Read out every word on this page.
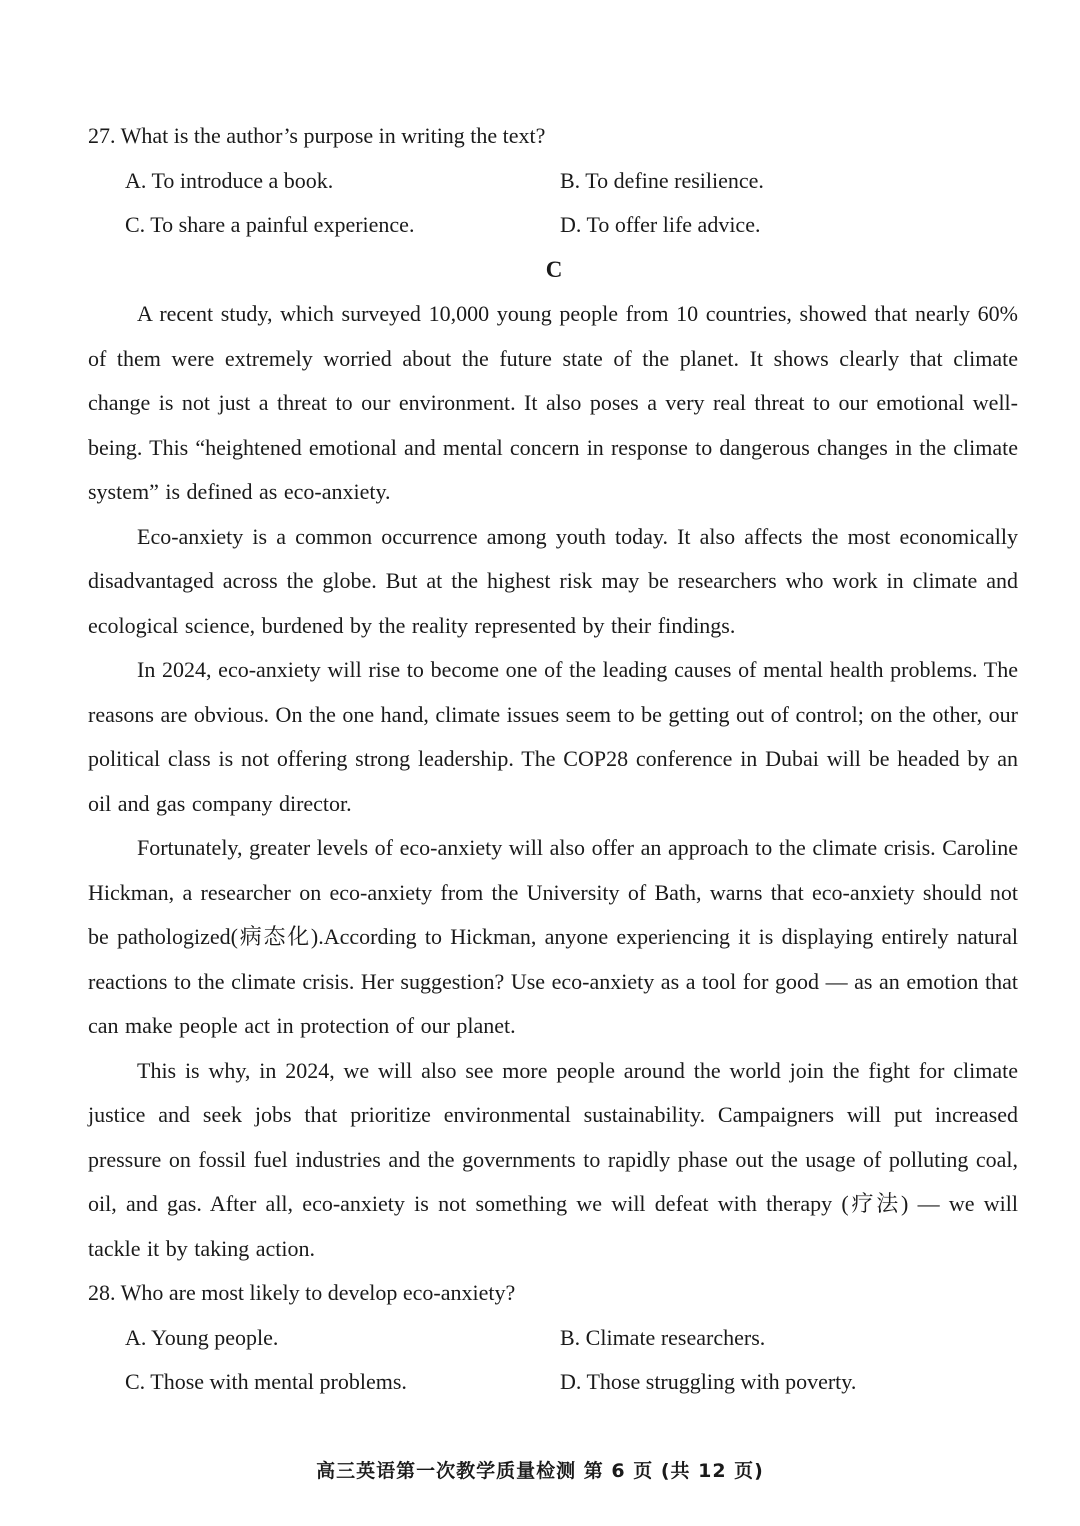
27. What is the author’s purpose in writing the text?

A. To introduce a book.	B. To define resilience.
C. To share a painful experience.	D. To offer life advice.

C

A recent study, which surveyed 10,000 young people from 10 countries, showed that nearly 60% of them were extremely worried about the future state of the planet. It shows clearly that climate change is not just a threat to our environment. It also poses a very real threat to our emotional well-being. This “heightened emotional and mental concern in response to dangerous changes in the climate system” is defined as eco-anxiety.

Eco-anxiety is a common occurrence among youth today. It also affects the most economically disadvantaged across the globe. But at the highest risk may be researchers who work in climate and ecological science, burdened by the reality represented by their findings.

In 2024, eco-anxiety will rise to become one of the leading causes of mental health problems. The reasons are obvious. On the one hand, climate issues seem to be getting out of control; on the other, our political class is not offering strong leadership. The COP28 conference in Dubai will be headed by an oil and gas company director.

Fortunately, greater levels of eco-anxiety will also offer an approach to the climate crisis. Caroline Hickman, a researcher on eco-anxiety from the University of Bath, warns that eco-anxiety should not be pathologized(病态化).According to Hickman, anyone experiencing it is displaying entirely natural reactions to the climate crisis. Her suggestion? Use eco-anxiety as a tool for good — as an emotion that can make people act in protection of our planet.

This is why, in 2024, we will also see more people around the world join the fight for climate justice and seek jobs that prioritize environmental sustainability. Campaigners will put increased pressure on fossil fuel industries and the governments to rapidly phase out the usage of polluting coal, oil, and gas. After all, eco-anxiety is not something we will defeat with therapy (疗法) — we will tackle it by taking action.

28. Who are most likely to develop eco-anxiety?

A. Young people.	B. Climate researchers.
C. Those with mental problems.	D. Those struggling with poverty.
高三英语第一次教学质量检测 第 6 页 (共 12 页)
